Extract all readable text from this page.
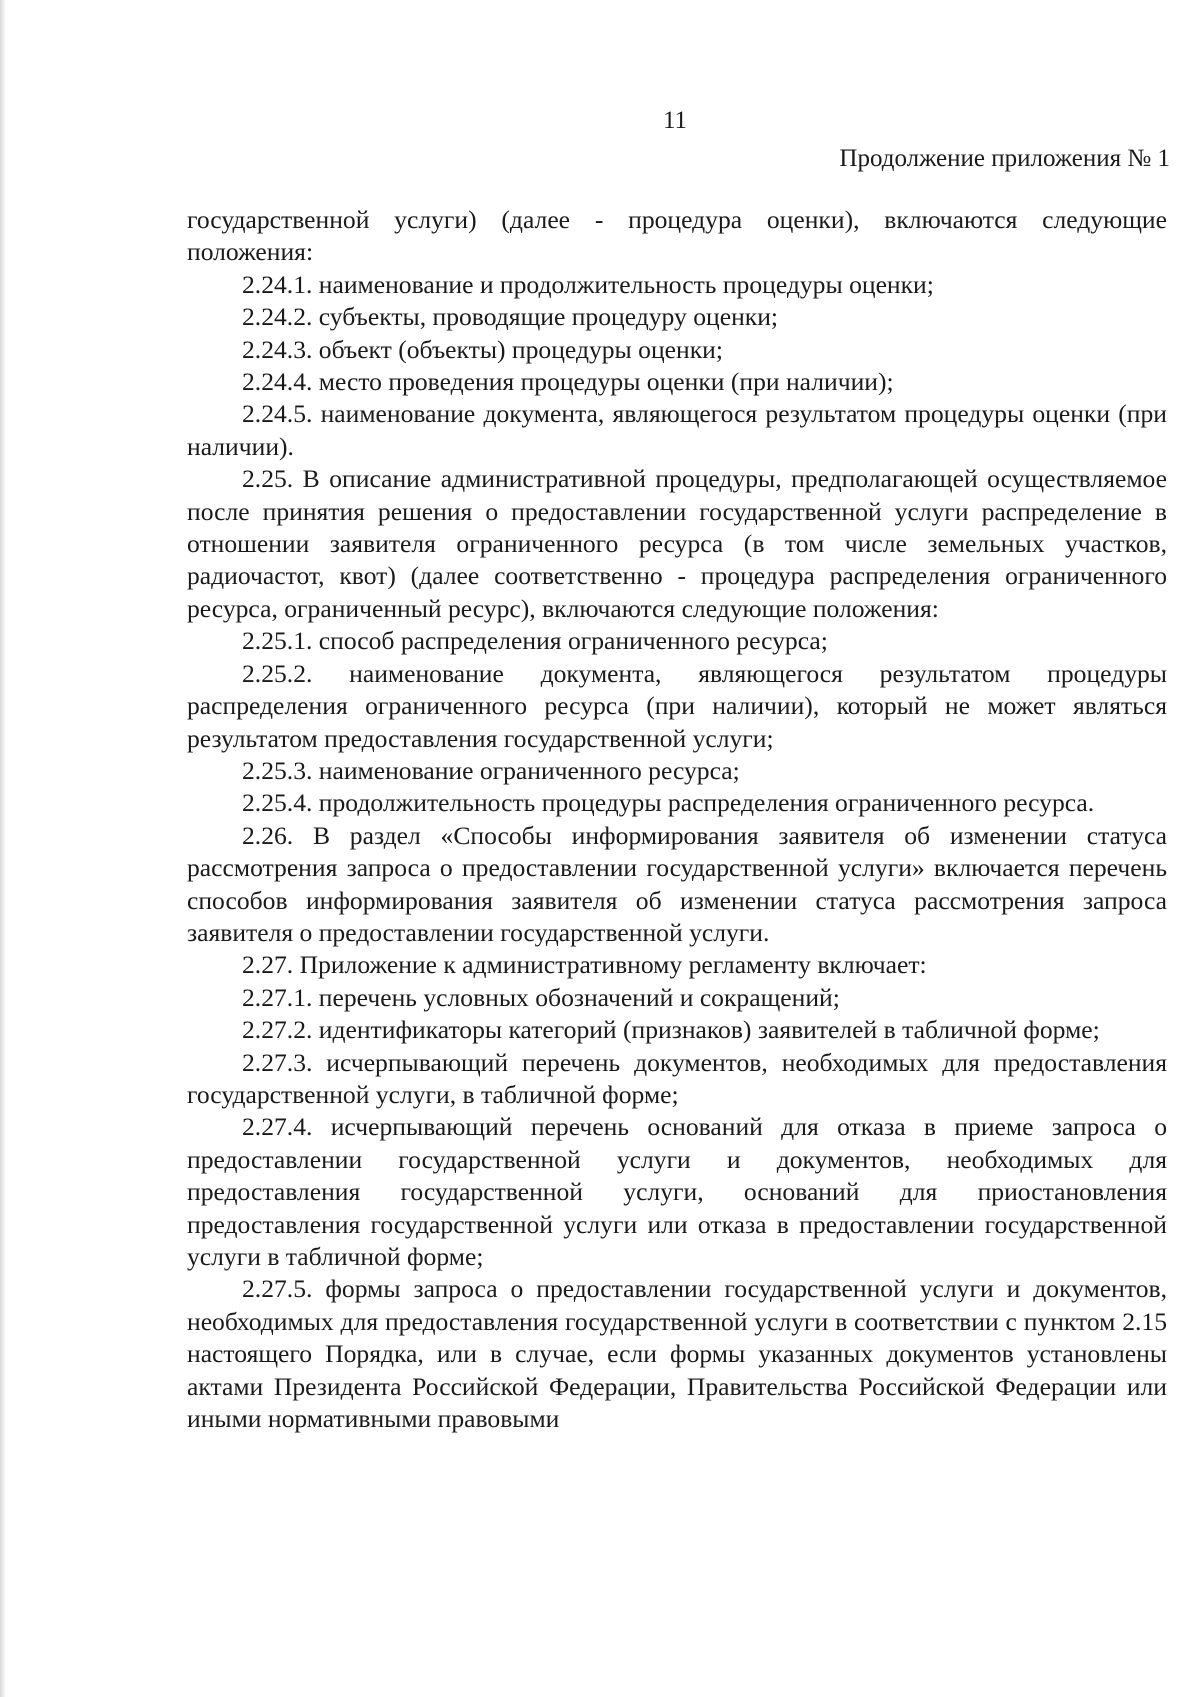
11
Продолжение приложения № 1

государственной услуги) (далее - процедура оценки), включаются следующие положения:

2.24.1. наименование и продолжительность процедуры оценки;

2.24.2. субъекты, проводящие процедуру оценки;

2.24.3. объект (объекты) процедуры оценки;

2.24.4. место проведения процедуры оценки (при наличии);

2.24.5. наименование документа, являющегося результатом процедуры оценки (при наличии).

2.25. В описание административной процедуры, предполагающей осуществляемое после принятия решения о предоставлении государственной услуги распределение в отношении заявителя ограниченного ресурса (в том числе земельных участков, радиочастот, квот) (далее соответственно - процедура распределения ограниченного ресурса, ограниченный ресурс), включаются следующие положения:

2.25.1. способ распределения ограниченного ресурса;

2.25.2. наименование документа, являющегося результатом процедуры распределения ограниченного ресурса (при наличии), который не может являться результатом предоставления государственной услуги;

2.25.3. наименование ограниченного ресурса;

2.25.4. продолжительность процедуры распределения ограниченного ресурса.

2.26. В раздел «Способы информирования заявителя об изменении статуса рассмотрения запроса о предоставлении государственной услуги» включается перечень способов информирования заявителя об изменении статуса рассмотрения запроса заявителя о предоставлении государственной услуги.

2.27. Приложение к административному регламенту включает:

2.27.1. перечень условных обозначений и сокращений;

2.27.2. идентификаторы категорий (признаков) заявителей в табличной форме;

2.27.3. исчерпывающий перечень документов, необходимых для предоставления государственной услуги, в табличной форме;

2.27.4. исчерпывающий перечень оснований для отказа в приеме запроса о предоставлении государственной услуги и документов, необходимых для предоставления государственной услуги, оснований для приостановления предоставления государственной услуги или отказа в предоставлении государственной услуги в табличной форме;

2.27.5. формы запроса о предоставлении государственной услуги и документов, необходимых для предоставления государственной услуги в соответствии с пунктом 2.15 настоящего Порядка, или в случае, если формы указанных документов установлены актами Президента Российской Федерации, Правительства Российской Федерации или иными нормативными правовыми
